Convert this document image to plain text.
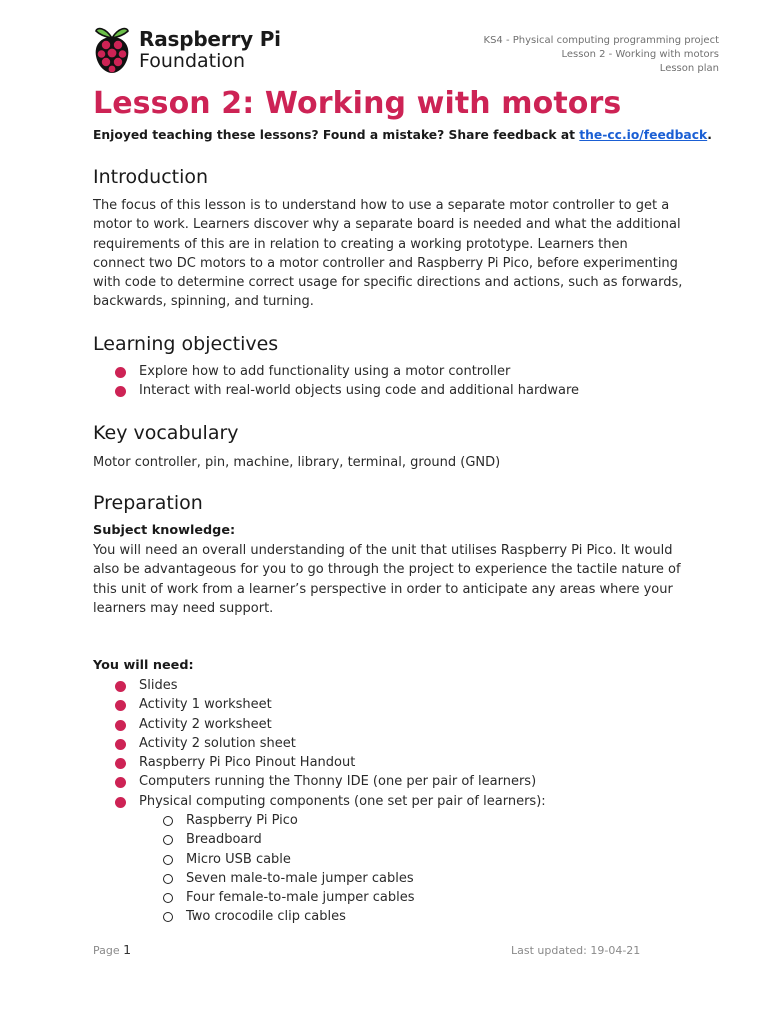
Raspberry Pi
Foundation
KS4 - Physical computing programming project
Lesson 2 - Working with motors
Lesson plan
Lesson 2: Working with motors
Enjoyed teaching these lessons? Found a mistake? Share feedback at the-cc.io/feedback.
Introduction

The focus of this lesson is to understand how to use a separate motor controller to get a motor to work. Learners discover why a separate board is needed and what the additional requirements of this are in relation to creating a working prototype. Learners then connect two DC motors to a motor controller and Raspberry Pi Pico, before experimenting with code to determine correct usage for specific directions and actions, such as forwards, backwards, spinning, and turning.

Learning objectives
Explore how to add functionality using a motor controller
Interact with real-world objects using code and additional hardware
Key vocabulary

Motor controller, pin, machine, library, terminal, ground (GND)

Preparation

Subject knowledge:

You will need an overall understanding of the unit that utilises Raspberry Pi Pico. It would also be advantageous for you to go through the project to experience the tactile nature of this unit of work from a learner’s perspective in order to anticipate any areas where your learners may need support.

You will need:

Slides
Activity 1 worksheet
Activity 2 worksheet
Activity 2 solution sheet
Raspberry Pi Pico Pinout Handout
Computers running the Thonny IDE (one per pair of learners)
Physical computing components (one set per pair of learners):
Raspberry Pi Pico
Breadboard
Micro USB cable
Seven male-to-male jumper cables
Four female-to-male jumper cables
Two crocodile clip cables
Page 1	Last updated: 19-04-21
